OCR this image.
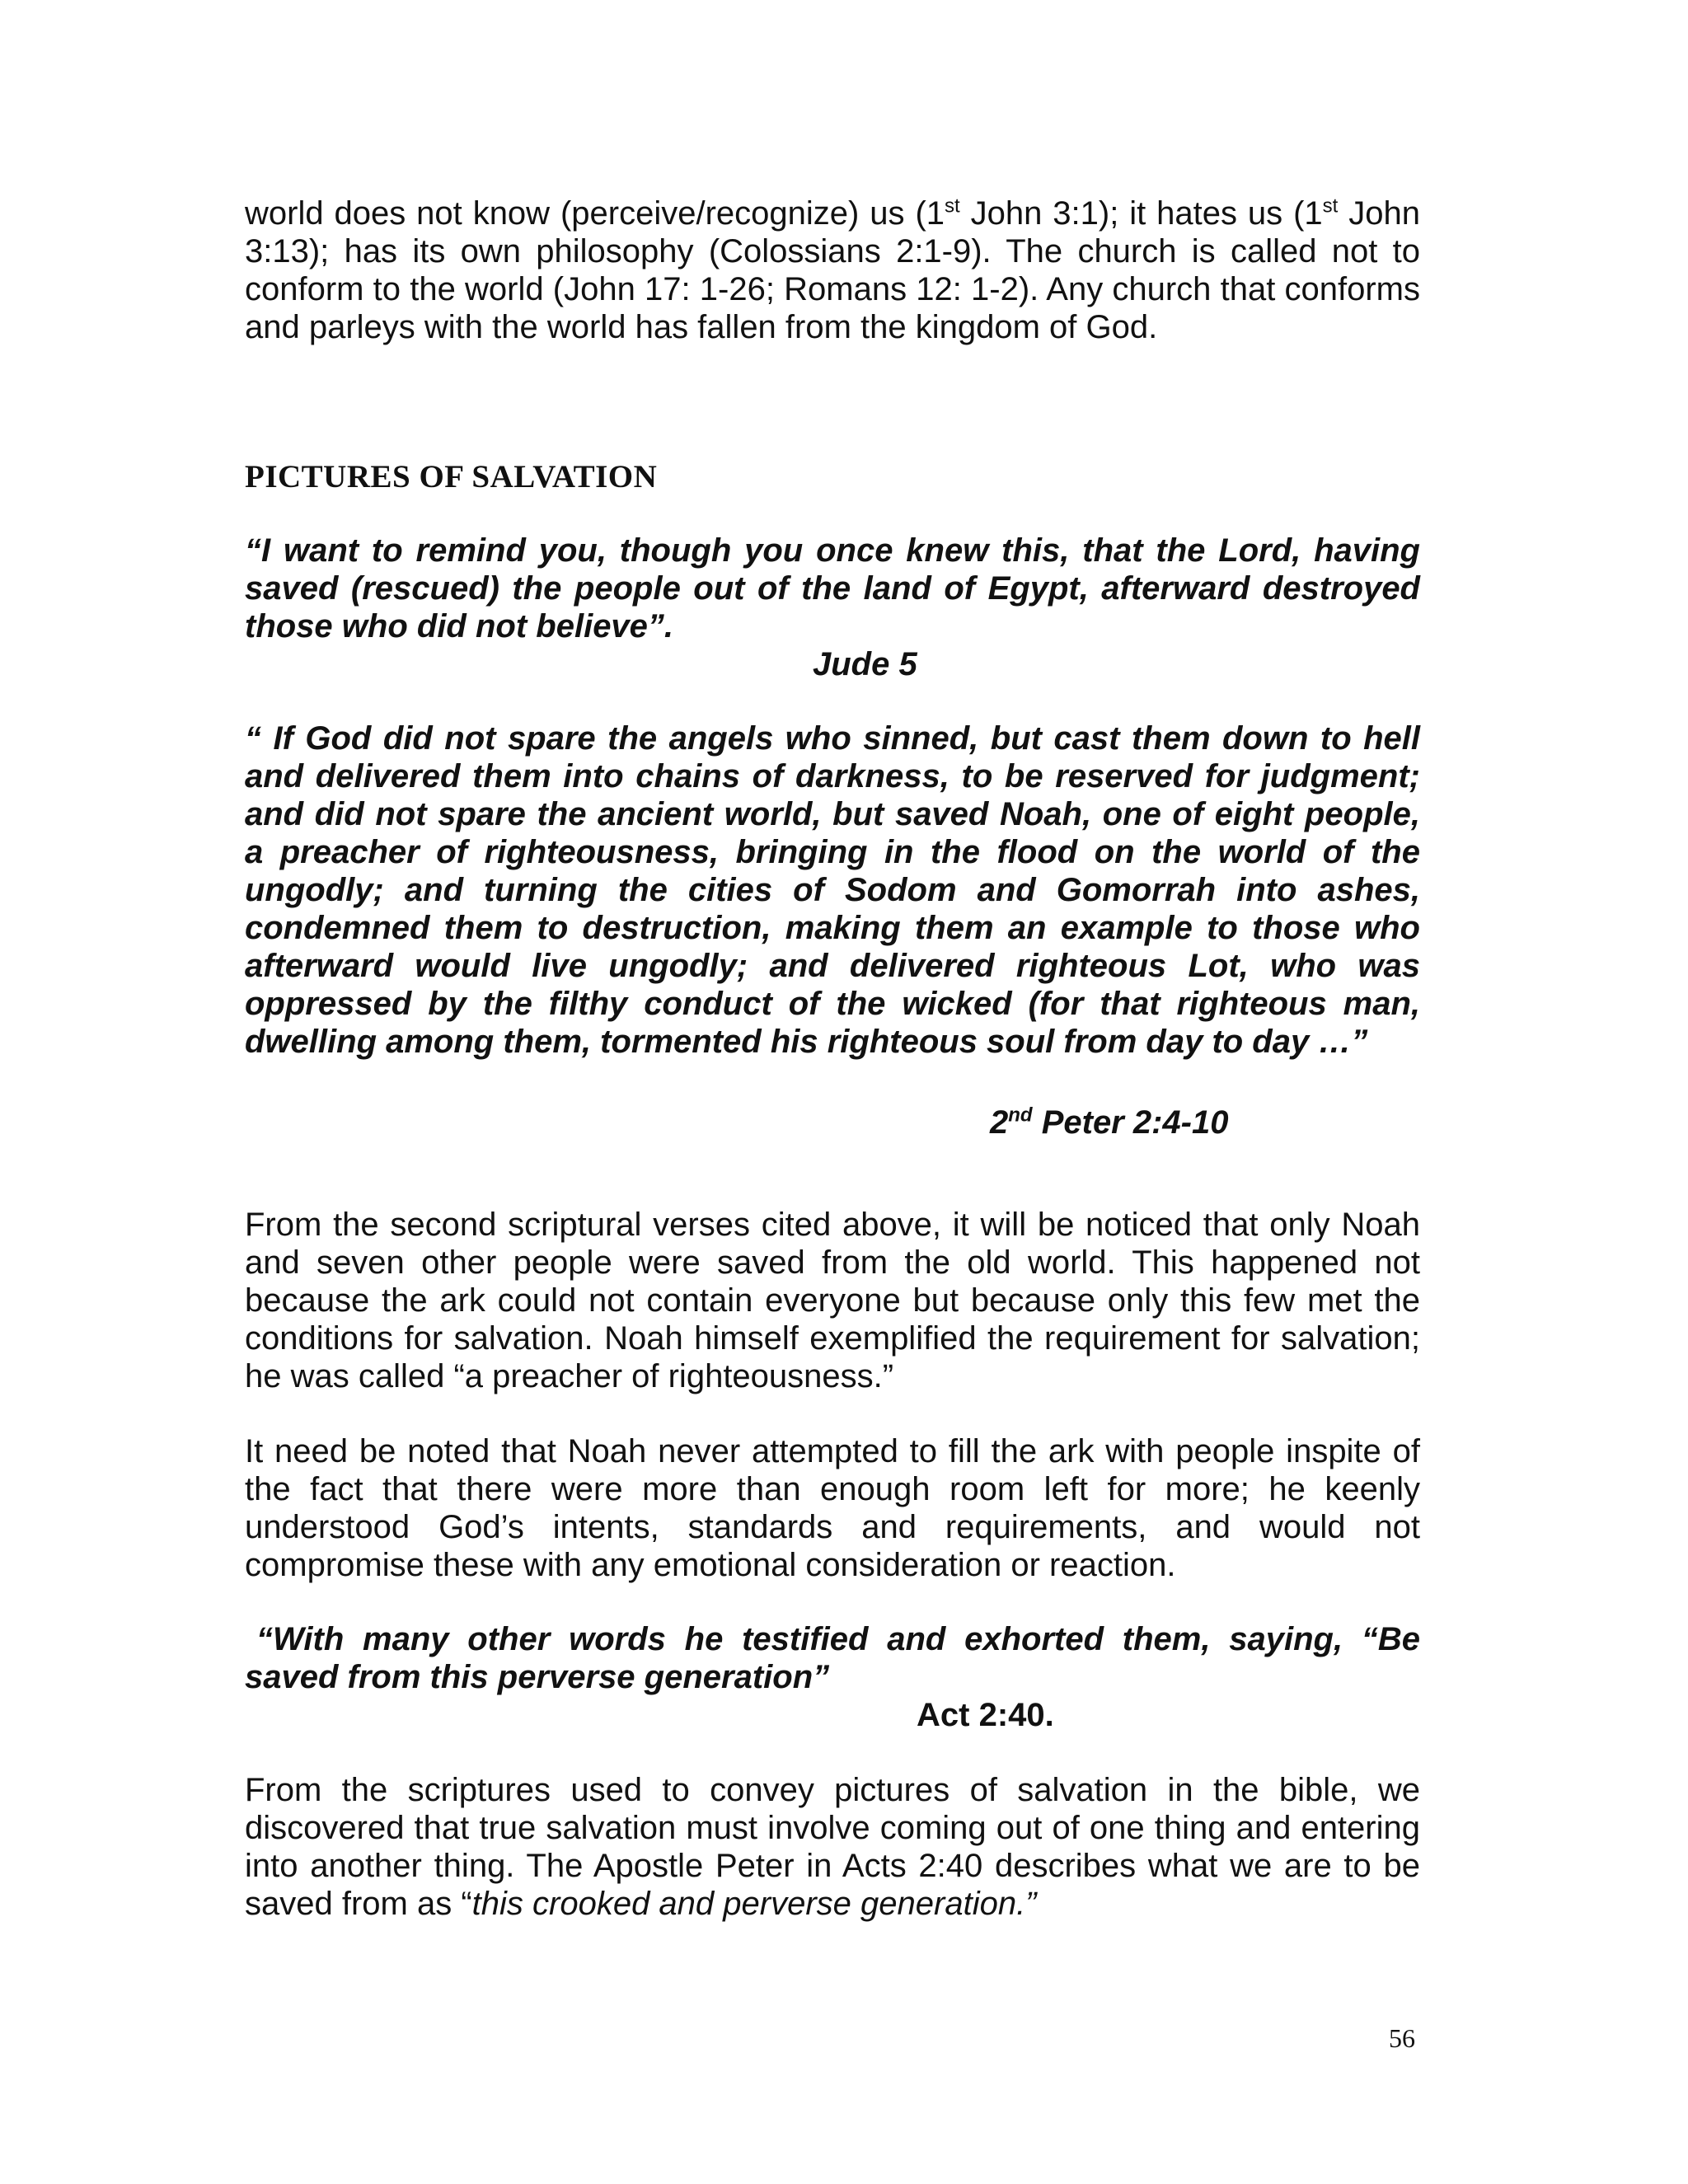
world does not know (perceive/recognize) us (1st John 3:1); it hates us (1st John 3:13); has its own philosophy (Colossians 2:1-9). The church is called not to conform to the world (John 17: 1-26; Romans 12: 1-2). Any church that conforms and parleys with the world has fallen from the kingdom of God.
PICTURES OF SALVATION
“I want to remind you, though you once knew this, that the Lord, having saved (rescued) the people out of the land of Egypt, afterward destroyed those who did not believe”.
Jude 5
“ If God did not spare the angels who sinned, but cast them down to hell and delivered them into chains of darkness, to be reserved for judgment; and did not spare the ancient world, but saved Noah, one of eight people, a preacher of righteousness, bringing in the flood on the world of the ungodly; and turning the cities of Sodom and Gomorrah into ashes, condemned them to destruction, making them an example to those who afterward would live ungodly; and delivered righteous Lot, who was oppressed by the filthy conduct of the wicked (for that righteous man, dwelling among them, tormented his righteous soul from day to day …”
2nd Peter 2:4-10
From the second scriptural verses cited above, it will be noticed that only Noah and seven other people were saved from the old world. This happened not because the ark could not contain everyone but because only this few met the conditions for salvation. Noah himself exemplified the requirement for salvation; he was called “a preacher of righteousness.”
It need be noted that Noah never attempted to fill the ark with people inspite of the fact that there were more than enough room left for more; he keenly understood God’s intents, standards and requirements, and would not compromise these with any emotional consideration or reaction.
“With many other words he testified and exhorted them, saying, “Be saved from this perverse generation”
Act 2:40.
From the scriptures used to convey pictures of salvation in the bible, we discovered that true salvation must involve coming out of one thing and entering into another thing. The Apostle Peter in Acts 2:40 describes what we are to be saved from as “this crooked and perverse generation.”
56
